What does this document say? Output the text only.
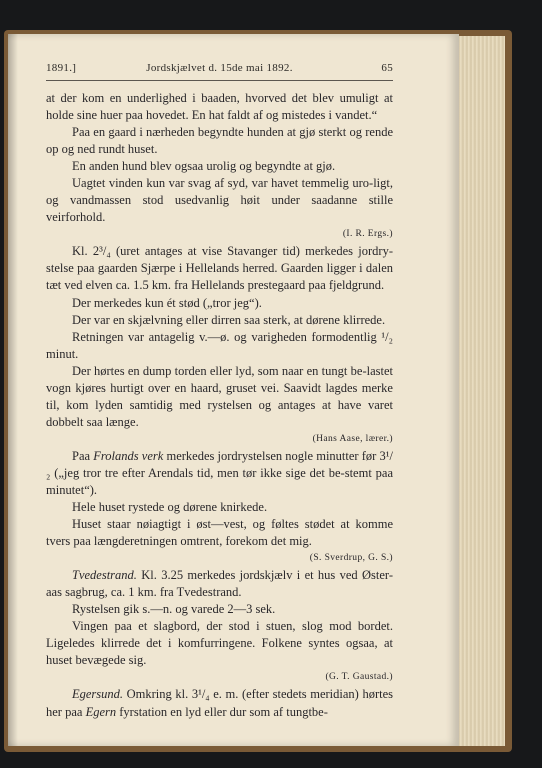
1891.]	Jordskjælvet d. 15de mai 1892.	65

at der kom en underlighed i baaden, hvorved det blev umuligt at holde sine huer paa hovedet. En hat faldt af og mistedes i vandet.“

Paa en gaard i nærheden begyndte hunden at gjø sterkt og rende op og ned rundt huset.

En anden hund blev ogsaa urolig og begyndte at gjø.

Uagtet vinden kun var svag af syd, var havet temmelig uro-ligt, og vandmassen stod usedvanlig høit under saadanne stille veirforhold.

(I. R. Ergs.)

Kl. 2³/₄ (uret antages at vise Stavanger tid) merkedes jordry-stelse paa gaarden Sjærpe i Hellelands herred. Gaarden ligger i dalen tæt ved elven ca. 1.5 km. fra Hellelands prestegaard paa fjeldgrund.

Der merkedes kun ét stød („tror jeg“).

Der var en skjælvning eller dirren saa sterk, at dørene klirrede.

Retningen var antagelig v.—ø. og varigheden formodentlig ¹/₂ minut.

Der hørtes en dump torden eller lyd, som naar en tungt be-lastet vogn kjøres hurtigt over en haard, gruset vei. Saavidt lagdes merke til, kom lyden samtidig med rystelsen og antages at have varet dobbelt saa længe.

(Hans Aase, lærer.)

Paa Frolands verk merkedes jordrystelsen nogle minutter før 3¹/₂ („jeg tror tre efter Arendals tid, men tør ikke sige det be-stemt paa minutet“).

Hele huset rystede og dørene knirkede.

Huset staar nøiagtigt i øst—vest, og føltes stødet at komme tvers paa længderetningen omtrent, forekom det mig.

(S. Sverdrup, G. S.)

Tvedestrand. Kl. 3.25 merkedes jordskjælv i et hus ved Øster-aas sagbrug, ca. 1 km. fra Tvedestrand.

Rystelsen gik s.—n. og varede 2—3 sek.

Vingen paa et slagbord, der stod i stuen, slog mod bordet. Ligeledes klirrede det i komfurringene. Folkene syntes ogsaa, at huset bevægede sig.

(G. T. Gaustad.)

Egersund. Omkring kl. 3¹/₄ e. m. (efter stedets meridian) hørtes her paa Egern fyrstation en lyd eller dur som af tungtbe-
